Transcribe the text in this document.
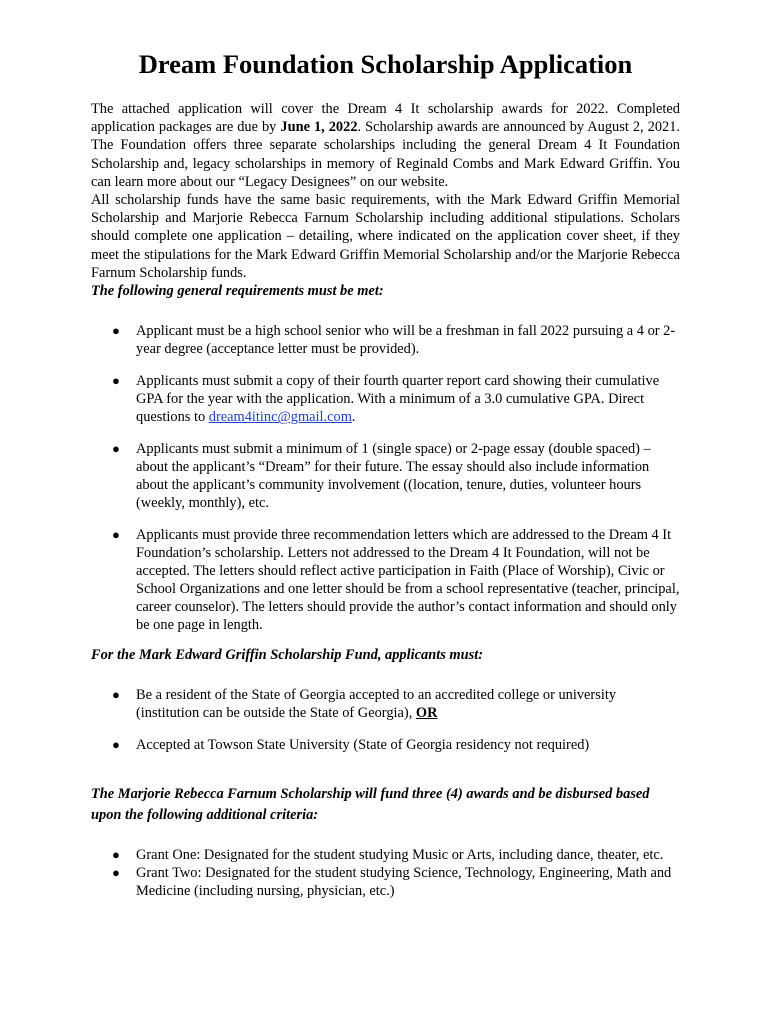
Dream Foundation Scholarship Application

The attached application will cover the Dream 4 It scholarship awards for 2022. Completed application packages are due by June 1, 2022. Scholarship awards are announced by August 2, 2021. The Foundation offers three separate scholarships including the general Dream 4 It Foundation Scholarship and, legacy scholarships in memory of Reginald Combs and Mark Edward Griffin. You can learn more about our “Legacy Designees” on our website.

All scholarship funds have the same basic requirements, with the Mark Edward Griffin Memorial Scholarship and Marjorie Rebecca Farnum Scholarship including additional stipulations. Scholars should complete one application – detailing, where indicated on the application cover sheet, if they meet the stipulations for the Mark Edward Griffin Memorial Scholarship and/or the Marjorie Rebecca Farnum Scholarship funds.

The following general requirements must be met:

● Applicant must be a high school senior who will be a freshman in fall 2022 pursuing a 4 or 2-year degree (acceptance letter must be provided).
● Applicants must submit a copy of their fourth quarter report card showing their cumulative GPA for the year with the application. With a minimum of a 3.0 cumulative GPA. Direct questions to dream4itinc@gmail.com.
● Applicants must submit a minimum of 1 (single space) or 2-page essay (double spaced) – about the applicant’s “Dream” for their future. The essay should also include information about the applicant’s community involvement ((location, tenure, duties, volunteer hours (weekly, monthly), etc.
● Applicants must provide three recommendation letters which are addressed to the Dream 4 It Foundation’s scholarship. Letters not addressed to the Dream 4 It Foundation, will not be accepted. The letters should reflect active participation in Faith (Place of Worship), Civic or School Organizations and one letter should be from a school representative (teacher, principal, career counselor). The letters should provide the author’s contact information and should only be one page in length.

For the Mark Edward Griffin Scholarship Fund, applicants must:

● Be a resident of the State of Georgia accepted to an accredited college or university (institution can be outside the State of Georgia), OR
● Accepted at Towson State University (State of Georgia residency not required)

The Marjorie Rebecca Farnum Scholarship will fund three (4) awards and be disbursed based upon the following additional criteria:

● Grant One: Designated for the student studying Music or Arts, including dance, theater, etc.
● Grant Two: Designated for the student studying Science, Technology, Engineering, Math and Medicine (including nursing, physician, etc.)
